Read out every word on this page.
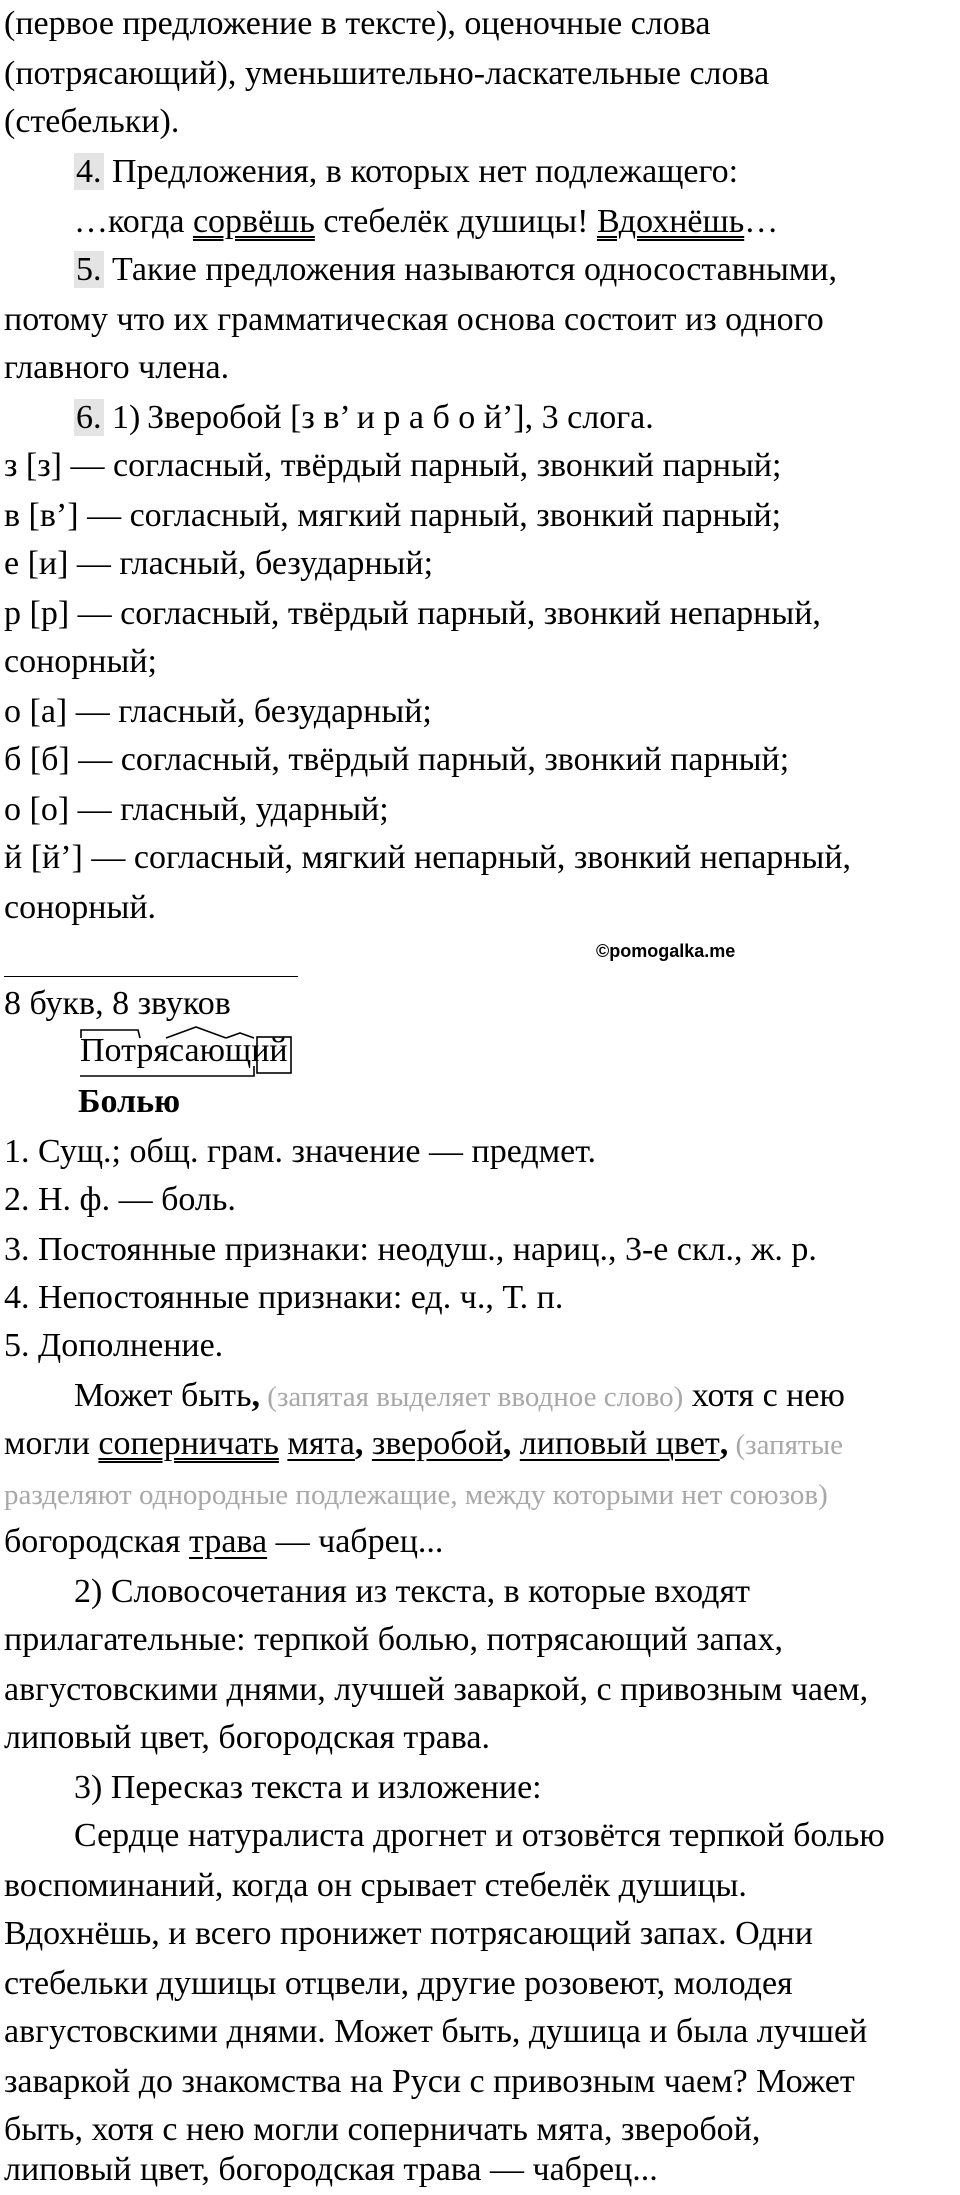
(первое предложение в тексте), оценочные слова
(потрясающий), уменьшительно-ласкательные слова
(стебельки).
4. Предложения, в которых нет подлежащего:
…когда сорвёшь стебелёк душицы! Вдохнёшь…
5. Такие предложения называются односоставными,
потому что их грамматическая основа состоит из одного
главного члена.
6. 1) Зверобой [з в’ и р а б о й’], 3 слога.
з [з] — согласный, твёрдый парный, звонкий парный;
в [в’] — согласный, мягкий парный, звонкий парный;
е [и] — гласный, безударный;
р [р] — согласный, твёрдый парный, звонкий непарный,
сонорный;
о [а] — гласный, безударный;
б [б] — согласный, твёрдый парный, звонкий парный;
о [о] — гласный, ударный;
й [й’] — согласный, мягкий непарный, звонкий непарный,
сонорный.
8 букв, 8 звуков
Потрясающий
Болью
1. Сущ.; общ. грам. значение — предмет.
2. Н. ф. — боль.
3. Постоянные признаки: неодуш., нариц., 3-е скл., ж. р.
4. Непостоянные признаки: ед. ч., Т. п.
5. Дополнение.
Может быть, (запятая выделяет вводное слово) хотя с нею
могли соперничать мята, зверобой, липовый цвет, (запятые
разделяют однородные подлежащие, между которыми нет союзов)
богородская трава — чабрец...
2) Словосочетания из текста, в которые входят
прилагательные: терпкой болью, потрясающий запах,
августовскими днями, лучшей заваркой, с привозным чаем,
липовый цвет, богородская трава.
3) Пересказ текста и изложение:
Сердце натуралиста дрогнет и отзовётся терпкой болью
воспоминаний, когда он срывает стебелёк душицы.
Вдохнёшь, и всего пронижет потрясающий запах. Одни
стебельки душицы отцвели, другие розовеют, молодея
августовскими днями. Может быть, душица и была лучшей
заваркой до знакомства на Руси с привозным чаем? Может
быть, хотя с нею могли соперничать мята, зверобой,
липовый цвет, богородская трава — чабрец...
©pomogalka.me
